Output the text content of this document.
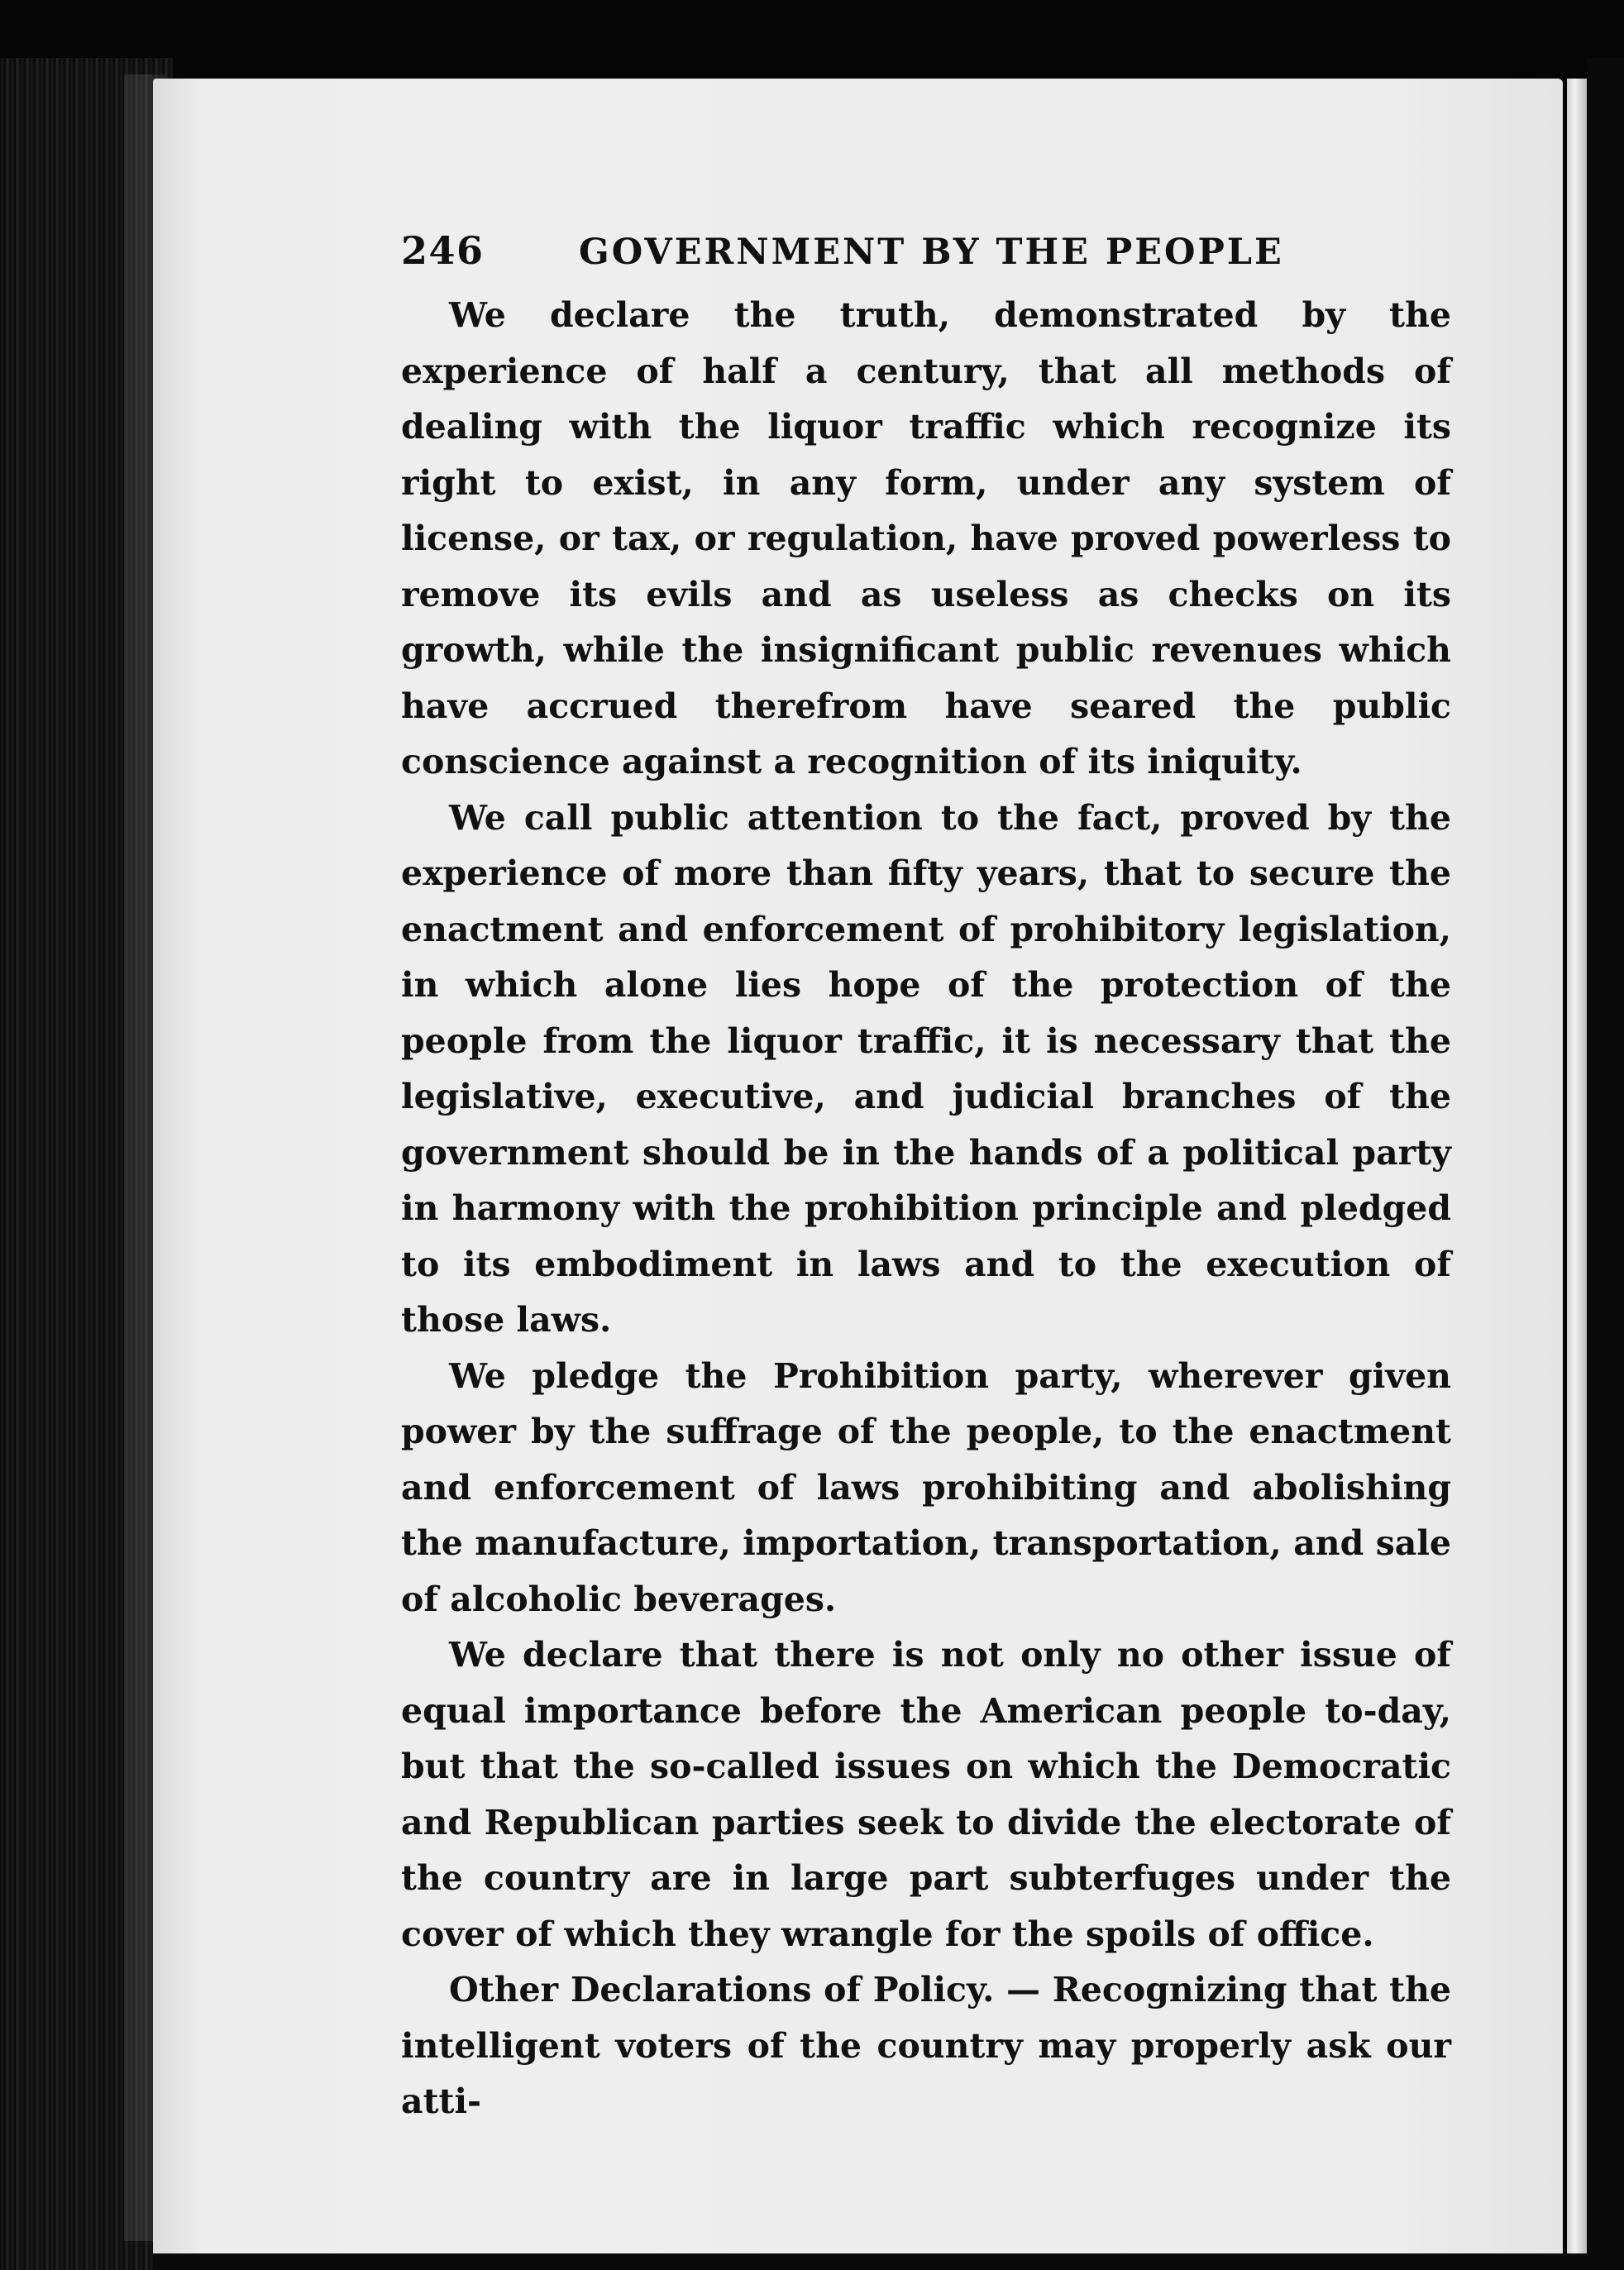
246	GOVERNMENT BY THE PEOPLE

We declare the truth, demonstrated by the experience of half a century, that all methods of dealing with the liquor traffic which recognize its right to exist, in any form, under any system of license, or tax, or regulation, have proved powerless to remove its evils and as useless as checks on its growth, while the insignificant public revenues which have accrued therefrom have seared the public conscience against a recognition of its iniquity.

We call public attention to the fact, proved by the experience of more than fifty years, that to secure the enactment and enforcement of prohibitory legislation, in which alone lies hope of the protection of the people from the liquor traffic, it is necessary that the legislative, executive, and judicial branches of the government should be in the hands of a political party in harmony with the prohibition principle and pledged to its embodiment in laws and to the execution of those laws.

We pledge the Prohibition party, wherever given power by the suffrage of the people, to the enactment and enforcement of laws prohibiting and abolishing the manufacture, importation, transportation, and sale of alcoholic beverages.

We declare that there is not only no other issue of equal importance before the American people to-day, but that the so-called issues on which the Democratic and Republican parties seek to divide the electorate of the country are in large part subterfuges under the cover of which they wrangle for the spoils of office.

Other Declarations of Policy. — Recognizing that the intelligent voters of the country may properly ask our atti-
